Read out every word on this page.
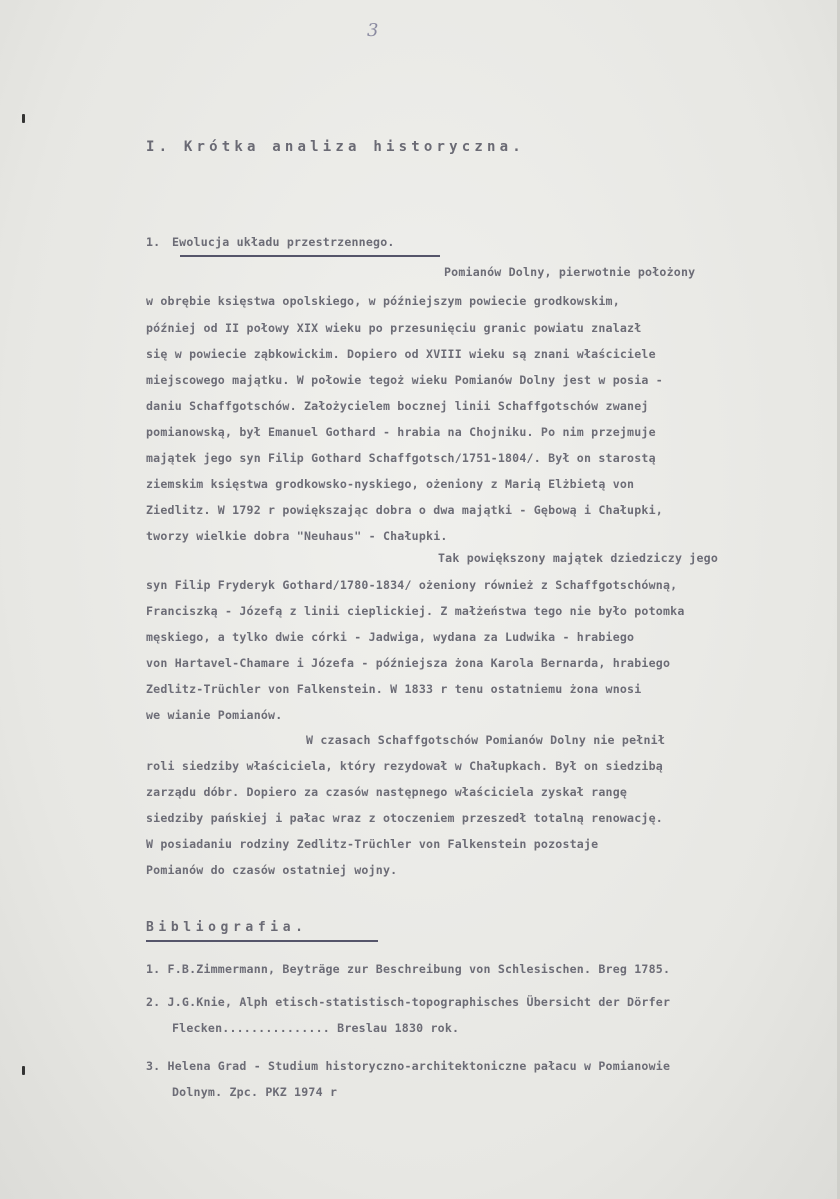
3
I. Krótka analiza historyczna.
1. Ewolucja układu przestrzennego.
Pomianów Dolny, pierwotnie położony
w obrębie księstwa opolskiego, w późniejszym powiecie grodkowskim,
później od II połowy XIX wieku po przesunięciu granic powiatu znalazł
się w powiecie ząbkowickim. Dopiero od XVIII wieku są znani właściciele
miejscowego majątku. W połowie tegoż wieku Pomianów Dolny jest w posia -
daniu Schaffgotschów. Założycielem bocznej linii Schaffgotschów zwanej
pomianowską, był Emanuel Gothard - hrabia na Chojniku. Po nim przejmuje
majątek jego syn Filip Gothard Schaffgotsch/1751-1804/. Był on starostą
ziemskim księstwa grodkowsko-nyskiego, ożeniony z Marią Elżbietą von
Ziedlitz. W 1792 r powiększając dobra o dwa majątki - Gębową i Chałupki,
tworzy wielkie dobra "Neuhaus" - Chałupki.
Tak powiększony majątek dziedziczy jego
syn Filip Fryderyk Gothard/1780-1834/ ożeniony również z Schaffgotschówną,
Franciszką - Józefą z linii cieplickiej. Z małżeństwa tego nie było potomka
męskiego, a tylko dwie córki - Jadwiga, wydana za Ludwika - hrabiego
von Hartavel-Chamare i Józefa - późniejsza żona Karola Bernarda, hrabiego
Zedlitz-Trüchler von Falkenstein. W 1833 r tenu ostatniemu żona wnosi
we wianie Pomianów.
W czasach Schaffgotschów Pomianów Dolny nie pełnił
roli siedziby właściciela, który rezydował w Chałupkach. Był on siedzibą
zarządu dóbr. Dopiero za czasów następnego właściciela zyskał rangę
siedziby pańskiej i pałac wraz z otoczeniem przeszedł totalną renowację.
W posiadaniu rodziny Zedlitz-Trüchler von Falkenstein pozostaje
Pomianów do czasów ostatniej wojny.
Bibliografia.
1. F.B.Zimmermann, Beyträge zur Beschreibung von Schlesischen. Breg 1785.
2. J.G.Knie, Alph etisch-statistisch-topographisches Übersicht der Dörfer
Flecken............... Breslau 1830 rok.
3. Helena Grad - Studium historyczno-architektoniczne pałacu w Pomianowie
Dolnym. Zpc. PKZ 1974 r
